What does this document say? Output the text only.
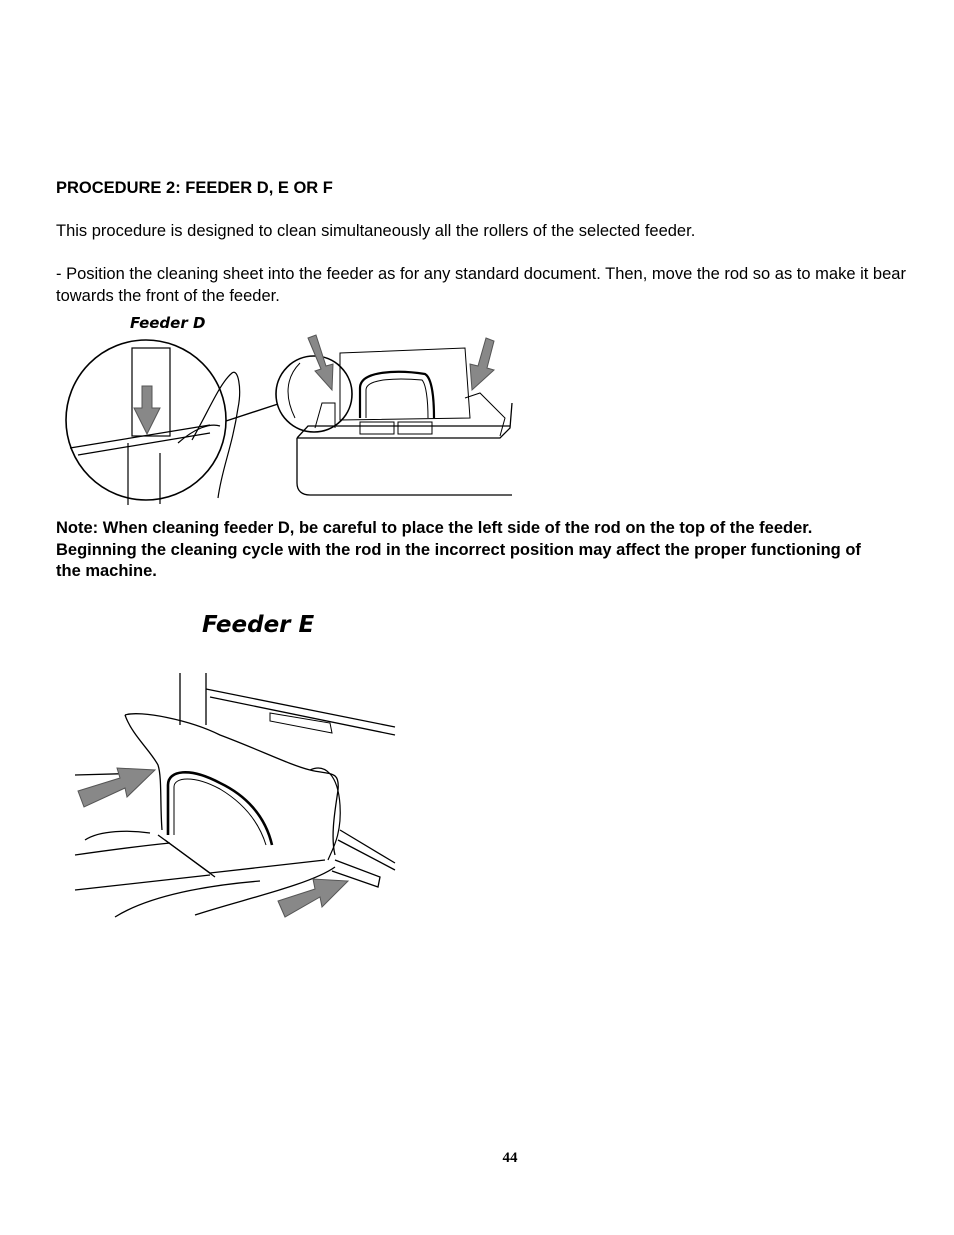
PROCEDURE 2: FEEDER D, E OR F

This procedure is designed to clean simultaneously all the rollers of the selected feeder.

- Position the cleaning sheet into the feeder as for any standard document. Then, move the rod so as to make it bear towards the front of the feeder.

Feeder D

Note: When cleaning feeder D, be careful to place the left side of the rod on the top of the feeder. Beginning the cleaning cycle with the rod in the incorrect position may affect the proper functioning of the machine.

Feeder E
44
